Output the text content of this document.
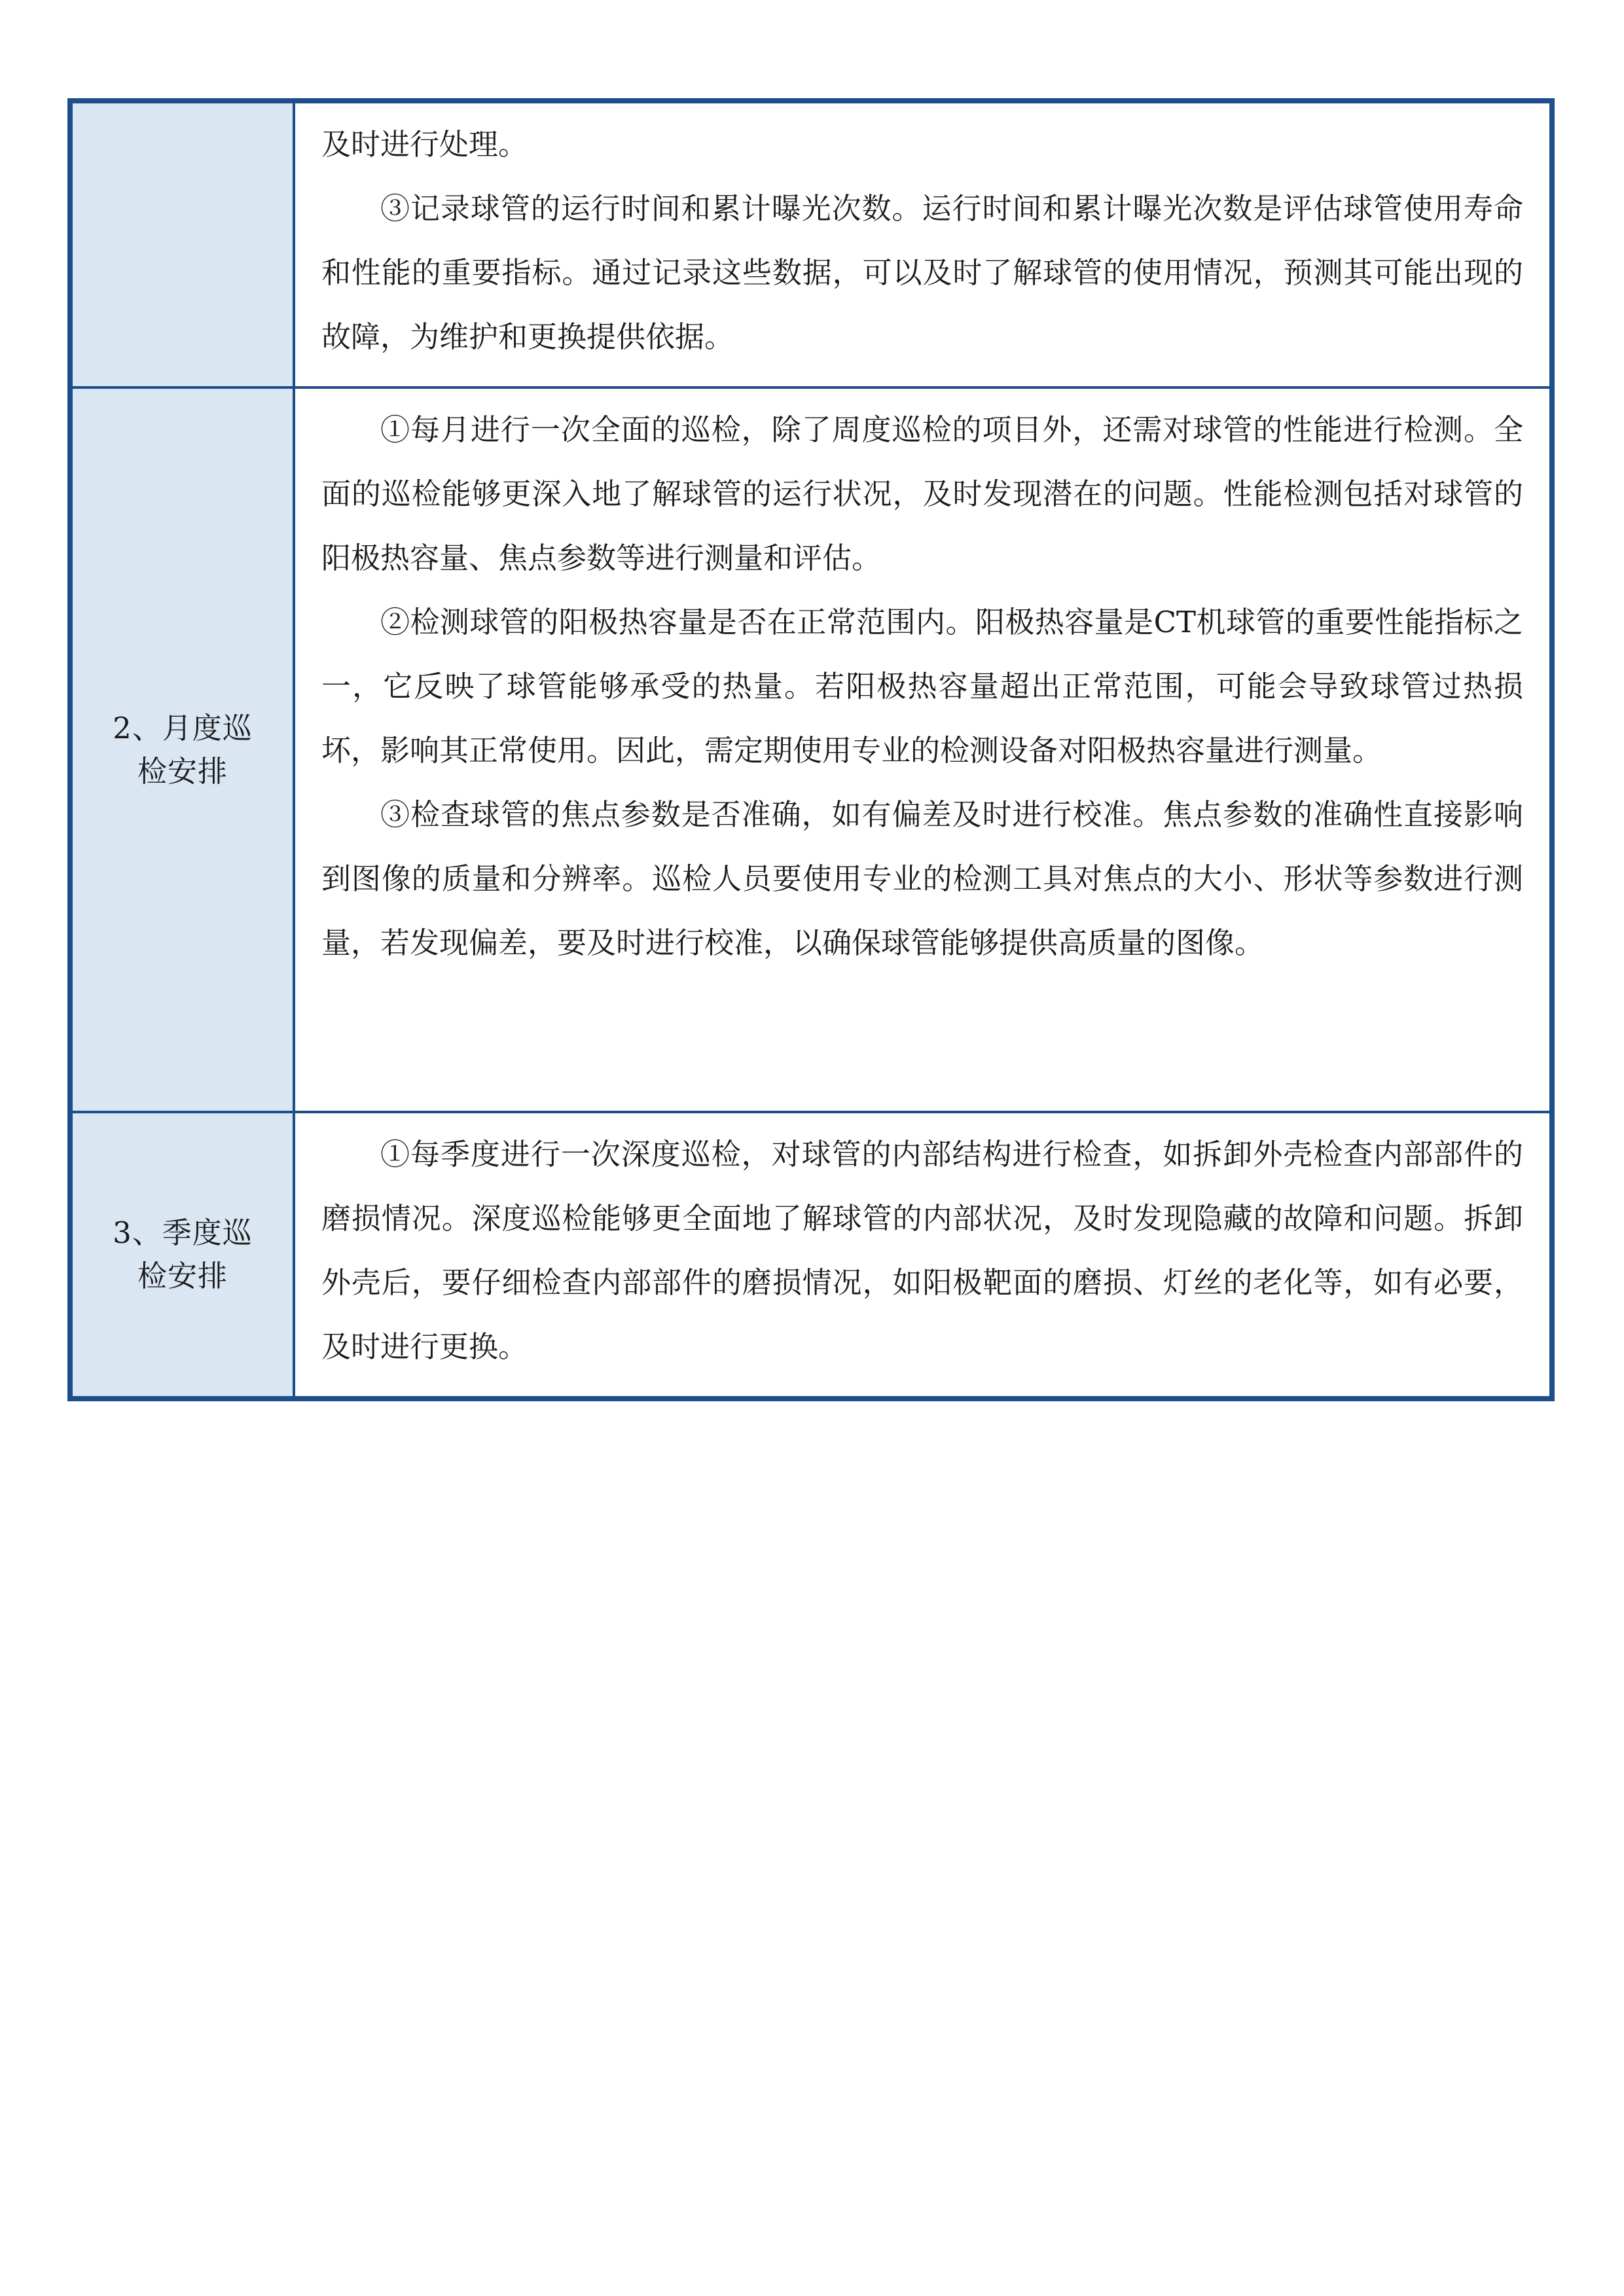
	及时进行处理。

③记录球管的运行时间和累计曝光次数。运行时间和累计曝光次数是评估球管使用寿命和性能的重要指标。通过记录这些数据，可以及时了解球管的使用情况，预测其可能出现的故障，为维护和更换提供依据。

2、月度巡检安排	①每月进行一次全面的巡检，除了周度巡检的项目外，还需对球管的性能进行检测。全面的巡检能够更深入地了解球管的运行状况，及时发现潜在的问题。性能检测包括对球管的阳极热容量、焦点参数等进行测量和评估。

②检测球管的阳极热容量是否在正常范围内。阳极热容量是CT机球管的重要性能指标之一，它反映了球管能够承受的热量。若阳极热容量超出正常范围，可能会导致球管过热损坏，影响其正常使用。因此，需定期使用专业的检测设备对阳极热容量进行测量。

③检查球管的焦点参数是否准确，如有偏差及时进行校准。焦点参数的准确性直接影响到图像的质量和分辨率。巡检人员要使用专业的检测工具对焦点的大小、形状等参数进行测量，若发现偏差，要及时进行校准，以确保球管能够提供高质量的图像。

3、季度巡检安排	①每季度进行一次深度巡检，对球管的内部结构进行检查，如拆卸外壳检查内部部件的磨损情况。深度巡检能够更全面地了解球管的内部状况，及时发现隐藏的故障和问题。拆卸外壳后，要仔细检查内部部件的磨损情况，如阳极靶面的磨损、灯丝的老化等，如有必要，及时进行更换。
